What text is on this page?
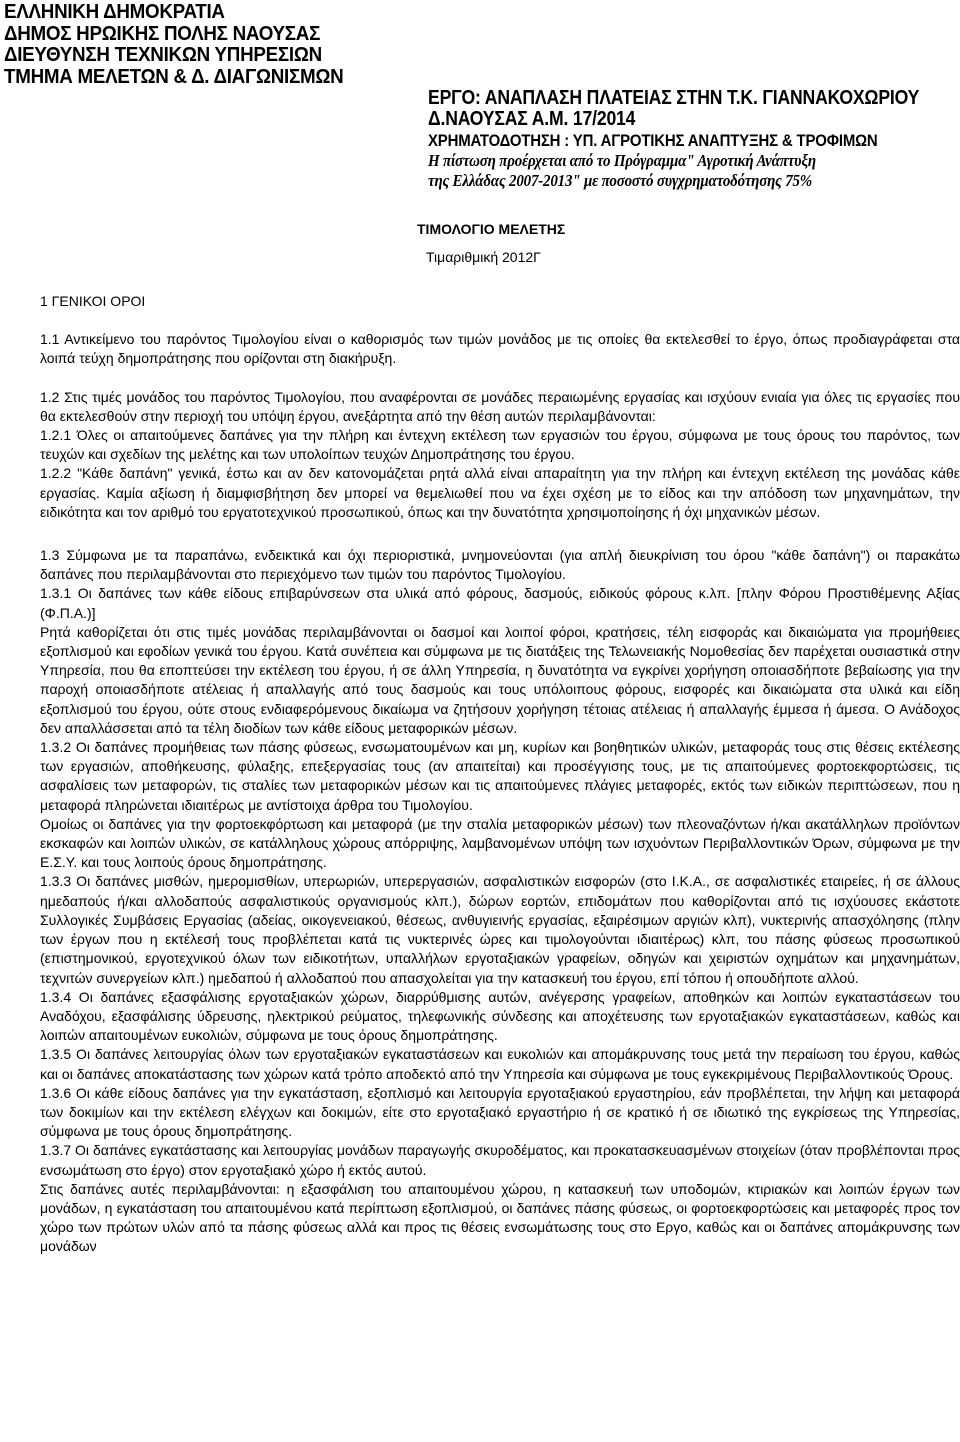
ΕΛΛΗΝΙΚΗ ΔΗΜΟΚΡΑΤΙΑ
ΔΗΜΟΣ ΗΡΩΙΚΗΣ ΠΟΛΗΣ ΝΑΟΥΣΑΣ
ΔΙΕΥΘΥΝΣΗ ΤΕΧΝΙΚΩΝ ΥΠΗΡΕΣΙΩΝ
ΤΜΗΜΑ ΜΕΛΕΤΩΝ & Δ. ΔΙΑΓΩΝΙΣΜΩΝ
ΕΡΓΟ: ΑΝΑΠΛΑΣΗ ΠΛΑΤΕΙΑΣ ΣΤΗΝ Τ.Κ. ΓΙΑΝΝΑΚΟΧΩΡΙΟΥ
Δ.ΝΑΟΥΣΑΣ Α.Μ. 17/2014
ΧΡΗΜΑΤΟΔΟΤΗΣΗ : ΥΠ. ΑΓΡΟΤΙΚΗΣ ΑΝΑΠΤΥΞΗΣ & ΤΡΟΦΙΜΩΝ
Η πίστωση προέρχεται από το Πρόγραμμα" Αγροτική Ανάπτυξη
της Ελλάδας 2007-2013" με ποσοστό συγχρηματοδότησης 75%
ΤΙΜΟΛΟΓΙΟ ΜΕΛΕΤΗΣ
Τιμαριθμική 2012Γ

1 ΓΕΝΙΚΟΙ ΟΡΟΙ

1.1 Αντικείμενο του παρόντος Τιμολογίου είναι ο καθορισμός των τιμών μονάδος με τις οποίες θα εκτελεσθεί το έργο, όπως προδιαγράφεται στα λοιπά τεύχη δημοπράτησης που ορίζονται στη διακήρυξη.

1.2 Στις τιμές μονάδος του παρόντος Τιμολογίου, που αναφέρονται σε μονάδες περαιωμένης εργασίας και ισχύουν ενιαία για όλες τις εργασίες που θα εκτελεσθούν στην περιοχή του υπόψη έργου, ανεξάρτητα από την θέση αυτών περιλαμβάνονται:

1.2.1 Όλες οι απαιτούμενες δαπάνες για την πλήρη και έντεχνη εκτέλεση των εργασιών του έργου, σύμφωνα με τους όρους του παρόντος, των τευχών και σχεδίων της μελέτης και των υπολοίπων τευχών Δημοπράτησης του έργου.

1.2.2 "Κάθε δαπάνη" γενικά, έστω και αν δεν κατονομάζεται ρητά αλλά είναι απαραίτητη για την πλήρη και έντεχνη εκτέλεση της μονάδας κάθε εργασίας. Καμία αξίωση ή διαμφισβήτηση δεν μπορεί να θεμελιωθεί που να έχει σχέση με το είδος και την απόδοση των μηχανημάτων, την ειδικότητα και τον αριθμό του εργατοτεχνικού προσωπικού, όπως και την δυνατότητα χρησιμοποίησης ή όχι μηχανικών μέσων.

1.3 Σύμφωνα με τα παραπάνω, ενδεικτικά και όχι περιοριστικά, μνημονεύονται (για απλή διευκρίνιση του όρου "κάθε δαπάνη") οι παρακάτω δαπάνες που περιλαμβάνονται στο περιεχόμενο των τιμών του παρόντος Τιμολογίου.

1.3.1 Οι δαπάνες των κάθε είδους επιβαρύνσεων στα υλικά από φόρους, δασμούς, ειδικούς φόρους κ.λπ. [πλην Φόρου Προστιθέμενης Αξίας (Φ.Π.Α.)]

Ρητά καθορίζεται ότι στις τιμές μονάδας περιλαμβάνονται οι δασμοί και λοιποί φόροι, κρατήσεις, τέλη εισφοράς και δικαιώματα για προμήθειες εξοπλισμού και εφοδίων γενικά του έργου. Κατά συνέπεια και σύμφωνα με τις διατάξεις της Τελωνειακής Νομοθεσίας δεν παρέχεται ουσιαστικά στην Υπηρεσία, που θα εποπτεύσει την εκτέλεση του έργου, ή σε άλλη Υπηρεσία, η δυνατότητα να εγκρίνει χορήγηση οποιασδήποτε βεβαίωσης για την παροχή οποιασδήποτε ατέλειας ή απαλλαγής από τους δασμούς και τους υπόλοιπους φόρους, εισφορές και δικαιώματα στα υλικά και είδη εξοπλισμού του έργου, ούτε στους ενδιαφερόμενους δικαίωμα να ζητήσουν χορήγηση τέτοιας ατέλειας ή απαλλαγής έμμεσα ή άμεσα. Ο Ανάδοχος δεν απαλλάσσεται από τα τέλη διοδίων των κάθε είδους μεταφορικών μέσων.

1.3.2 Οι δαπάνες προμήθειας των πάσης φύσεως, ενσωματουμένων και μη, κυρίων και βοηθητικών υλικών, μεταφοράς τους στις θέσεις εκτέλεσης των εργασιών, αποθήκευσης, φύλαξης, επεξεργασίας τους (αν απαιτείται) και προσέγγισης τους, με τις απαιτούμενες φορτοεκφορτώσεις, τις ασφαλίσεις των μεταφορών, τις σταλίες των μεταφορικών μέσων και τις απαιτούμενες πλάγιες μεταφορές, εκτός των ειδικών περιπτώσεων, που η μεταφορά πληρώνεται ιδιαιτέρως με αντίστοιχα άρθρα του Τιμολογίου.

Ομοίως οι δαπάνες για την φορτοεκφόρτωση και μεταφορά (με την σταλία μεταφορικών μέσων) των πλεοναζόντων ή/και ακατάλληλων προϊόντων εκσκαφών και λοιπών υλικών, σε κατάλληλους χώρους απόρριψης, λαμβανομένων υπόψη των ισχυόντων Περιβαλλοντικών Όρων, σύμφωνα με την Ε.Σ.Υ. και τους λοιπούς όρους δημοπράτησης.

1.3.3 Οι δαπάνες μισθών, ημερομισθίων, υπερωριών, υπερεργασιών, ασφαλιστικών εισφορών (στο Ι.Κ.Α., σε ασφαλιστικές εταιρείες, ή σε άλλους ημεδαπούς ή/και αλλοδαπούς ασφαλιστικούς οργανισμούς κλπ.), δώρων εορτών, επιδομάτων που καθορίζονται από τις ισχύουσες εκάστοτε Συλλογικές Συμβάσεις Εργασίας (αδείας, οικογενειακού, θέσεως, ανθυγιεινής εργασίας, εξαιρέσιμων αργιών κλπ), νυκτερινής απασχόλησης (πλην των έργων που η εκτέλεσή τους προβλέπεται κατά τις νυκτερινές ώρες και τιμολογούνται ιδιαιτέρως) κλπ, του πάσης φύσεως προσωπικού (επιστημονικού, εργοτεχνικού όλων των ειδικοτήτων, υπαλλήλων εργοταξιακών γραφείων, οδηγών και χειριστών οχημάτων και μηχανημάτων, τεχνιτών συνεργείων κλπ.) ημεδαπού ή αλλοδαπού που απασχολείται για την κατασκευή του έργου, επί τόπου ή οπουδήποτε αλλού.

1.3.4 Οι δαπάνες εξασφάλισης εργοταξιακών χώρων, διαρρύθμισης αυτών, ανέγερσης γραφείων, αποθηκών και λοιπών εγκαταστάσεων του Αναδόχου, εξασφάλισης ύδρευσης, ηλεκτρικού ρεύματος, τηλεφωνικής σύνδεσης και αποχέτευσης των εργοταξιακών εγκαταστάσεων, καθώς και λοιπών απαιτουμένων ευκολιών, σύμφωνα με τους όρους δημοπράτησης.

1.3.5 Οι δαπάνες λειτουργίας όλων των εργοταξιακών εγκαταστάσεων και ευκολιών και απομάκρυνσης τους μετά την περαίωση του έργου, καθώς και οι δαπάνες αποκατάστασης των χώρων κατά τρόπο αποδεκτό από την Υπηρεσία και σύμφωνα με τους εγκεκριμένους Περιβαλλοντικούς Όρους.

1.3.6 Οι κάθε είδους δαπάνες για την εγκατάσταση, εξοπλισμό και λειτουργία εργοταξιακού εργαστηρίου, εάν προβλέπεται, την λήψη και μεταφορά των δοκιμίων και την εκτέλεση ελέγχων και δοκιμών, είτε στο εργοταξιακό εργαστήριο ή σε κρατικό ή σε ιδιωτικό της εγκρίσεως της Υπηρεσίας, σύμφωνα με τους όρους δημοπράτησης.

1.3.7 Οι δαπάνες εγκατάστασης και λειτουργίας μονάδων παραγωγής σκυροδέματος, και προκατασκευασμένων στοιχείων (όταν προβλέπονται προς ενσωμάτωση στο έργο) στον εργοταξιακό χώρο ή εκτός αυτού.

Στις δαπάνες αυτές περιλαμβάνονται: η εξασφάλιση του απαιτουμένου χώρου, η κατασκευή των υποδομών, κτιριακών και λοιπών έργων των μονάδων, η εγκατάσταση του απαιτουμένου κατά περίπτωση εξοπλισμού, οι δαπάνες πάσης φύσεως, οι φορτοεκφορτώσεις και μεταφορές προς τον χώρο των πρώτων υλών από τα πάσης φύσεως αλλά και προς τις θέσεις ενσωμάτωσης τους στο Εργο, καθώς και οι δαπάνες απομάκρυνσης των μονάδων
